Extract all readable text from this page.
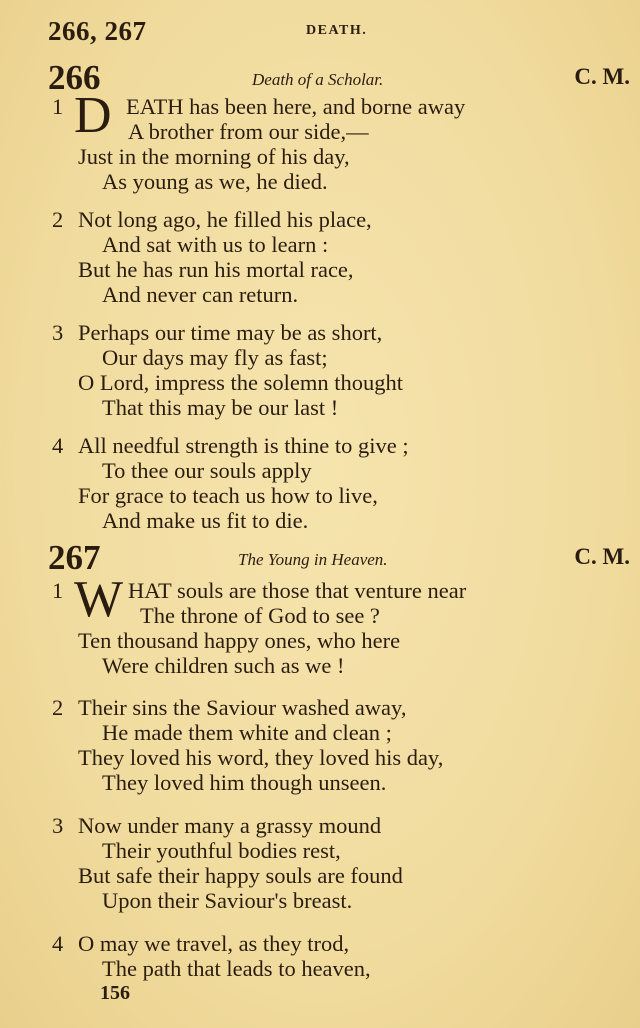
266, 267	DEATH.
266	Death of a Scholar.	C. M.
1 D EATH has been here, and borne away
A brother from our side,—
Just in the morning of his day,
As young as we, he died.
2 Not long ago, he filled his place,
And sat with us to learn :
But he has run his mortal race,
And never can return.
3 Perhaps our time may be as short,
Our days may fly as fast;
O Lord, impress the solemn thought
That this may be our last !
4 All needful strength is thine to give ;
To thee our souls apply
For grace to teach us how to live,
And make us fit to die.
267	The Young in Heaven.	C. M.
1 W HAT souls are those that venture near
The throne of God to see ?
Ten thousand happy ones, who here
Were children such as we !
2 Their sins the Saviour washed away,
He made them white and clean ;
They loved his word, they loved his day,
They loved him though unseen.
3 Now under many a grassy mound
Their youthful bodies rest,
But safe their happy souls are found
Upon their Saviour's breast.
4 O may we travel, as they trod,
The path that leads to heaven,
156
